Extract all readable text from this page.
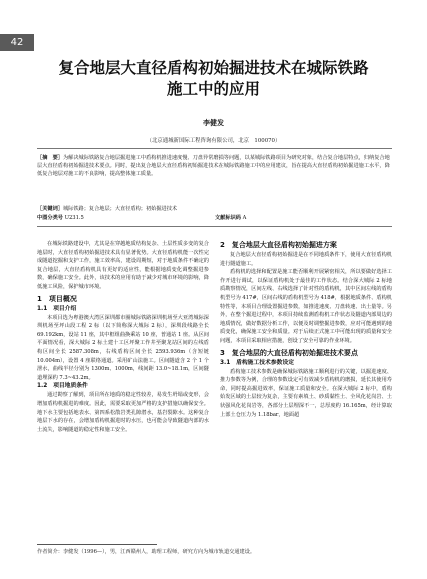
42
复合地层大直径盾构初始掘进技术在城际铁路
施工中的应用
李健发
（北京通城新国际工程咨询有限公司，北京　100070）
［摘　要］为解决城际铁路复合地层掘进施工中盾构机推进速度慢、刀盘异常磨损等问题，以某城际铁路项目为研究对象，结合复合地层特点，归纳复合地层大直径盾构初始掘进技术要点。同时，提出复合地层大直径盾构初始掘进技术在城际铁路施工中的应用建议，旨在提高大直径盾构初始掘进施工水平，降低复合地层对施工的不良影响，提高整体施工质量。
［关键词］城际铁路；复合地层；大直径盾构；初始掘进技术
中图分类号 U231.5	文献标识码 A

在城际铁路建设中，尤其是在穿越地质结构复杂、土层性质多变的复合地层时，大直径盾构初始掘进技术具有显著优势。大直径盾构机能一次性完成隧道挖掘和支护工作，施工效率高，建设周期短，对于地质条件不确定的复合地层，大直径盾构机具有更好的适应性，能根据地质变化调整掘进参数，确保施工安全。此外，该技术的应用有助于减少对城市环境的影响，降低施工风险，保护城市环境。

1　项目概况
1.1　项目介绍

本项目选为粤港澳大湾区深圳都市圈城际铁路深圳机场至大亚湾城际深圳机场至坪山段工程 2 标（以下简称深大城际 2 标），深圳段线路全长 69.192km，设站 11 座，其中框组曲换乘站 10 座，普通站 1 座。从区间平面情况看，深大城际 2 标土建十工区坪聚工作井至聚龙站区间的左线盾构区间全长 2587.308m，右线盾构区间全长 2593.936m（含短链 10.004m），设置 4 座联络通道。采用矿山法施工。区间隧道含 2 个 1 个泄水，曲线半径分别为 1300m、1000m，线间距 13.0~18.1m，区间隧道埋深约 7.3~43.2m。

1.2　项目地质条件

通过勘察了解到，项目所在地质的稳定性较差，易发生坍塌或变形，会增加盾构机掘进的难度。因此，需要采取更加严格的支护措施以确保安全。地下水主要包括地表水、第四系松散岩类孔隙潜水，基岩裂隙水。这种复合地层下水的存在，会增加盾构机掘进时的水压，也可能会导致隧道内部的水土流失，影响隧道的稳定性和施工安全。

2　复合地层大直径盾构初始掘进方案

复合地层大直径盾构初始掘进是在不同地质条件下，使用大直径盾构机进行隧道施工。

盾构机的选择和配置是施工能否顺利开展紧密相关，所以要做好选择工作开进行调试，以保证盾构机处于最佳的工作状态。结合深大城际 2 标地质勘察情况，区间左线、右线选择了针对性的盾构机，其中区间左线的盾构机型号为 417#，区间右线的盾构机型号为 418#，根据地质条件、盾构机特性等，本项目合理设置掘进参数，如推进速度、刀盘转速、出土量等。另外，在整个掘进过程中，本项目持续监测盾构机工作状态及隧道内部周边的地质情况，做好数据分析工作，以便及时调整掘进参数，应对可能遇到的地质变化，确保施工安全和质量。对于后续正式施工中可能出现的质量和安全问题，本项目采取相应措施，创设了安全可靠的作业环境。

3　复合地层的大直径盾构初始掘进技术要点
3.1　盾构施工技术参数设定

盾构施工技术参数是确保城际铁路施工顺利进行的关键，以掘进速度、推力参数等为例，合理的参数设定可有效减少盾构机的磨损，延长其使用寿命，同时提高掘进效率，保证施工质量和安全。在深大城际 2 标中，盾构始发区域的土层较为复杂，主要有素填土、砂质黏性土、全风化花岗岩、土状强风化花岗岩等，各部分土层埋深不一，总厚度约 16.165m，经计算取上部土仓压力为 1.18bar，地面超

作者简介：李健发（1996—），男，江西赣州人，助理工程师，研究方向为城市轨道交通建设。
